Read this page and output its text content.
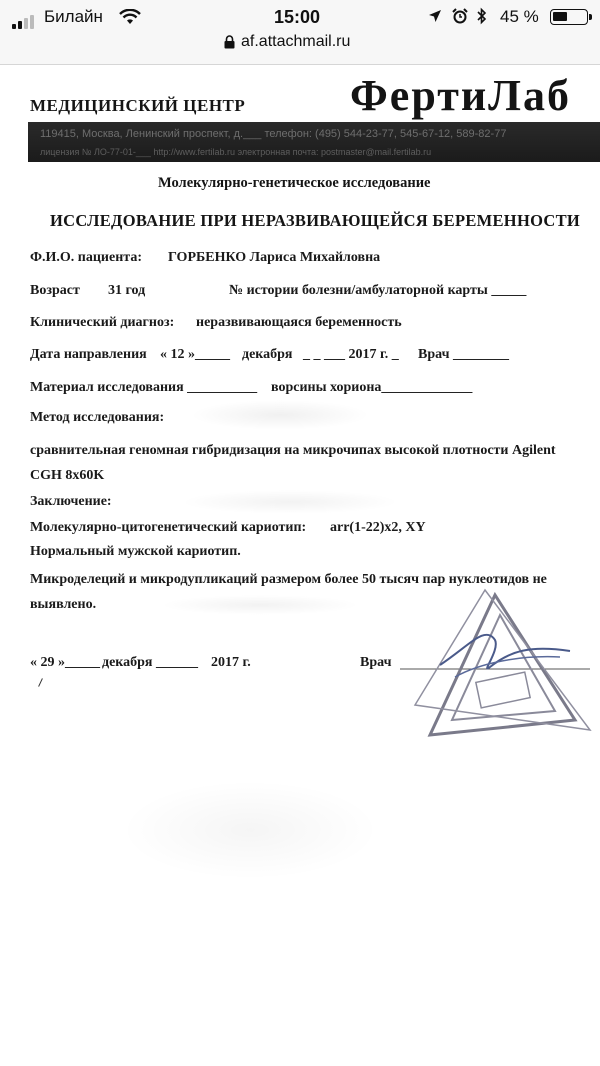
Билайн	15:00	45 %
af.attachmail.ru
МЕДИЦИНСКИЙ ЦЕНТР ФертиЛаб
119415, Москва, Ленинский проспект, д.___ телефон: (495) 544-23-77, 545-67-12, 589-82-77
лицензия № ЛО-77-01-___ http://www.fertilab.ru электронная почта: postmaster@mail.fertilab.ru
Молекулярно-генетическое исследование
ИССЛЕДОВАНИЕ ПРИ НЕРАЗВИВАЮЩЕЙСЯ БЕРЕМЕННОСТИ
Ф.И.О. пациента: ГОРБЕНКО Лариса Михайловна
Возраст 31 год	№ истории болезни/амбулаторной карты _____
Клинический диагноз: неразвивающаяся беременность
Дата направления « 12 »_____ декабря _ _ ___ 2017 г. _ Врач ________
Материал исследования __________ ворсины хориона_____________
Метод исследования:
сравнительная геномная гибридизация на микрочипах высокой плотности Agilent
CGH 8x60K
Заключение:
Молекулярно-цитогенетический кариотип: arr(1-22)x2, XY
Нормальный мужской кариотип.
Микроделеций и микродупликаций размером более 50 тысяч пар нуклеотидов не
выявлено.
« 29 »_____ декабря ______ 2017 г.	Врач
